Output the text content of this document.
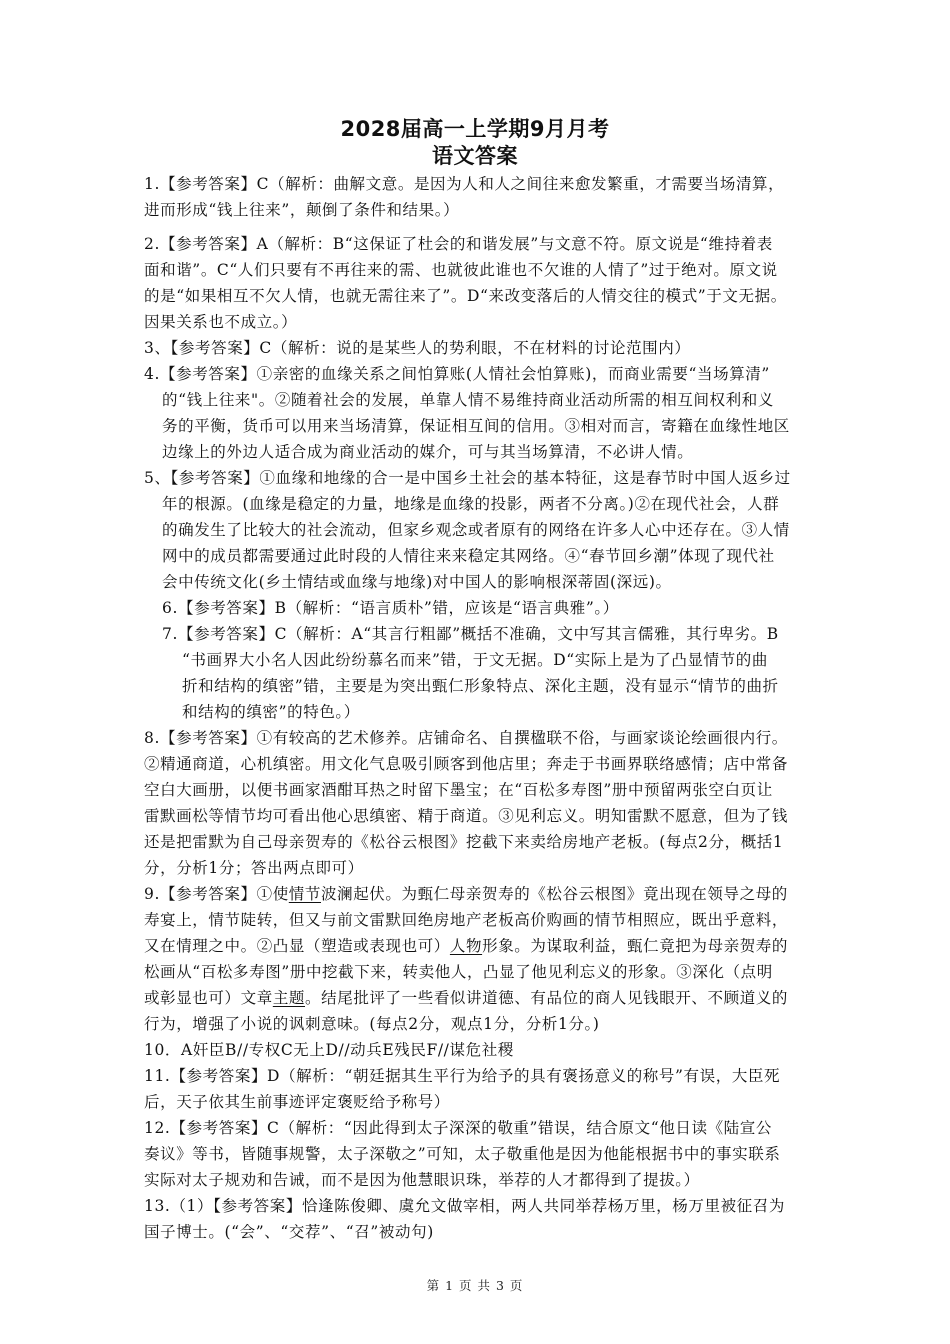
2028届高一上学期9月月考
语文答案
1.【参考答案】C（解析：曲解文意。是因为人和人之间往来愈发繁重，才需要当场清算，
进而形成“钱上往来”，颠倒了条件和结果。）
2.【参考答案】A（解析：B“这保证了杜会的和谐发展”与文意不符。原文说是“维持着表
面和谐”。C“人们只要有不再往来的需、也就彼此谁也不欠谁的人情了”过于绝对。原文说
的是“如果相互不欠人情，也就无需往来了”。D“来改变落后的人情交往的模式”于文无据。
因果关系也不成立。）
3、【参考答案】C（解析：说的是某些人的势利眼，不在材料的讨论范围内）
4.【参考答案】①亲密的血缘关系之间怕算账(人情社会怕算账)，而商业需要“当场算清”
的“钱上往来"。②随着社会的发展，单靠人情不易维持商业活动所需的相互间权利和义
务的平衡，货币可以用来当场清算，保证相互间的信用。③相对而言，寄籍在血缘性地区
边缘上的外边人适合成为商业活动的媒介，可与其当场算清，不必讲人情。
5、【参考答案】①血缘和地缘的合一是中国乡土社会的基本特征，这是春节时中国人返乡过
年的根源。(血缘是稳定的力量，地缘是血缘的投影，两者不分离。)②在现代社会，人群
的确发生了比较大的社会流动，但家乡观念或者原有的网络在许多人心中还存在。③人情
网中的成员都需要通过此时段的人情往来来稳定其网络。④“春节回乡潮”体现了现代社
会中传统文化(乡土情结或血缘与地缘)对中国人的影响根深蒂固(深远)。
6.【参考答案】B（解析：“语言质朴”错，应该是“语言典雅”。）
7.【参考答案】C（解析：A“其言行粗鄙”概括不准确，文中写其言儒雅，其行卑劣。B
“书画界大小名人因此纷纷慕名而来”错，于文无据。D“实际上是为了凸显情节的曲
折和结构的缜密”错，主要是为突出甄仁形象特点、深化主题，没有显示“情节的曲折
和结构的缜密”的特色。）
8.【参考答案】①有较高的艺术修养。店铺命名、自撰楹联不俗，与画家谈论绘画很内行。
②精通商道，心机缜密。用文化气息吸引顾客到他店里；奔走于书画界联络感情；店中常备
空白大画册，以便书画家酒酣耳热之时留下墨宝；在“百松多寿图”册中预留两张空白页让
雷默画松等情节均可看出他心思缜密、精于商道。③见利忘义。明知雷默不愿意，但为了钱
还是把雷默为自己母亲贺寿的《松谷云根图》挖截下来卖给房地产老板。(每点2分，概括1
分，分析1分；答出两点即可）
9.【参考答案】①使情节波澜起伏。为甄仁母亲贺寿的《松谷云根图》竟出现在领导之母的
寿宴上，情节陡转，但又与前文雷默回绝房地产老板高价购画的情节相照应，既出乎意料，
又在情理之中。②凸显（塑造或表现也可）人物形象。为谋取利益，甄仁竟把为母亲贺寿的
松画从“百松多寿图”册中挖截下来，转卖他人，凸显了他见利忘义的形象。③深化（点明
或彰显也可）文章主题。结尾批评了一些看似讲道德、有品位的商人见钱眼开、不顾道义的
行为，增强了小说的讽刺意味。(每点2分，观点1分，分析1分。)
10．A奸臣B//专权C无上D//动兵E残民F//谋危社稷
11.【参考答案】D（解析：“朝廷据其生平行为给予的具有褒扬意义的称号”有误，大臣死
后，天子依其生前事迹评定褒贬给予称号）
12.【参考答案】C（解析：“因此得到太子深深的敬重”错误，结合原文“他日读《陆宣公
奏议》等书，皆随事规警，太子深敬之”可知，太子敬重他是因为他能根据书中的事实联系
实际对太子规劝和告诫，而不是因为他慧眼识珠，举荐的人才都得到了提拔。）
13.（1）【参考答案】恰逢陈俊卿、虞允文做宰相，两人共同举荐杨万里，杨万里被征召为
国子博士。(“会”、“交荐”、“召”被动句)
第 1 页 共 3 页
